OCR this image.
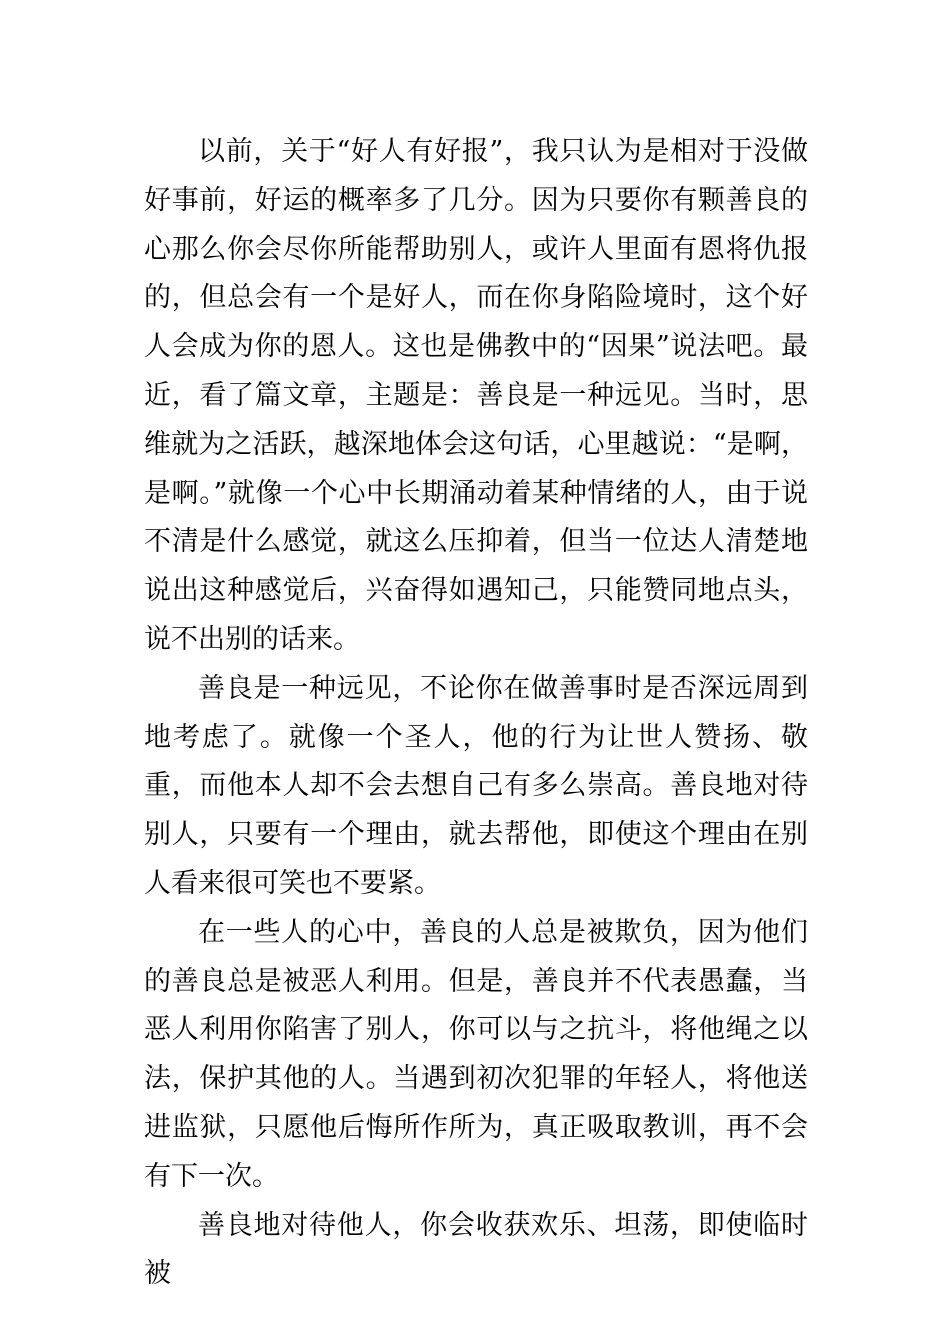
以前，关于“好人有好报”，我只认为是相对于没做好事前，好运的概率多了几分。因为只要你有颗善良的心那么你会尽你所能帮助别人，或许人里面有恩将仇报的，但总会有一个是好人，而在你身陷险境时，这个好人会成为你的恩人。这也是佛教中的“因果”说法吧。最近，看了篇文章，主题是：善良是一种远见。当时，思维就为之活跃，越深地体会这句话，心里越说：“是啊，是啊。”就像一个心中长期涌动着某种情绪的人，由于说不清是什么感觉，就这么压抑着，但当一位达人清楚地说出这种感觉后，兴奋得如遇知己，只能赞同地点头，说不出别的话来。

善良是一种远见，不论你在做善事时是否深远周到地考虑了。就像一个圣人，他的行为让世人赞扬、敬重，而他本人却不会去想自己有多么崇高。善良地对待别人，只要有一个理由，就去帮他，即使这个理由在别人看来很可笑也不要紧。

在一些人的心中，善良的人总是被欺负，因为他们的善良总是被恶人利用。但是，善良并不代表愚蠢，当恶人利用你陷害了别人，你可以与之抗斗，将他绳之以法，保护其他的人。当遇到初次犯罪的年轻人，将他送进监狱，只愿他后悔所作所为，真正吸取教训，再不会有下一次。

善良地对待他人，你会收获欢乐、坦荡，即使临时被
